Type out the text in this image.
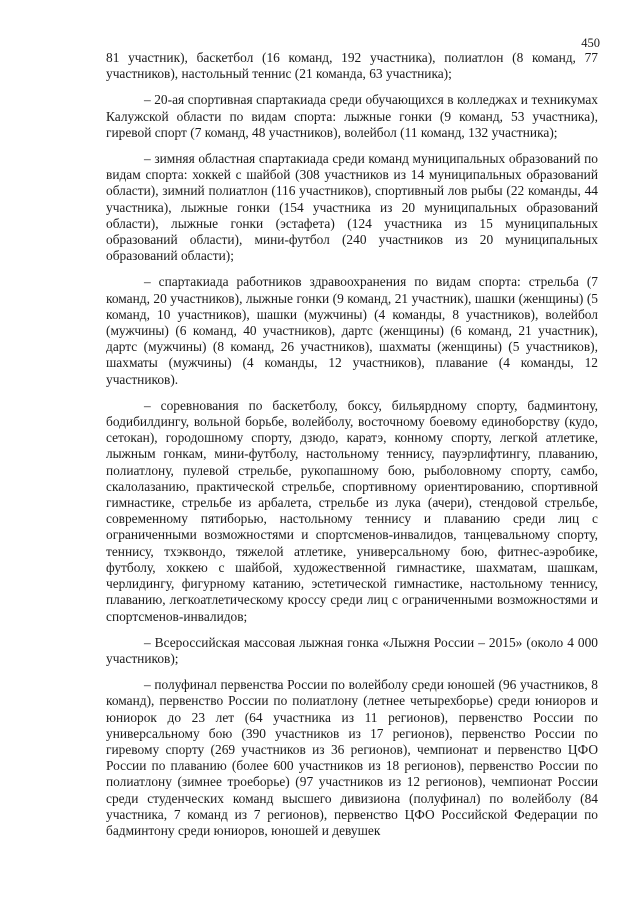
450

81 участник), баскетбол (16 команд, 192 участника), полиатлон (8 команд, 77 участников), настольный теннис (21 команда, 63 участника);

– 20-ая спортивная спартакиада среди обучающихся в колледжах и техникумах Калужской области по видам спорта: лыжные гонки (9 команд, 53 участника), гиревой спорт (7 команд, 48 участников), волейбол (11 команд, 132 участника);

– зимняя областная спартакиада среди команд муниципальных образований по видам спорта: хоккей с шайбой (308 участников из 14 муниципальных образований области), зимний полиатлон (116 участников), спортивный лов рыбы (22 команды, 44 участника), лыжные гонки (154 участника из 20 муниципальных образований области), лыжные гонки (эстафета) (124 участника из 15 муниципальных образований области), мини-футбол (240 участников из 20 муниципальных образований области);

– спартакиада работников здравоохранения по видам спорта: стрельба (7 команд, 20 участников), лыжные гонки (9 команд, 21 участник), шашки (женщины) (5 команд, 10 участников), шашки (мужчины) (4 команды, 8 участников), волейбол (мужчины) (6 команд, 40 участников), дартс (женщины) (6 команд, 21 участник), дартс (мужчины) (8 команд, 26 участников), шахматы (женщины) (5 участников), шахматы (мужчины) (4 команды, 12 участников), плавание (4 команды, 12 участников).

– соревнования по баскетболу, боксу, бильярдному спорту, бадминтону, бодибилдингу, вольной борьбе, волейболу, восточному боевому единоборству (кудо, сетокан), городошному спорту, дзюдо, каратэ, конному спорту, легкой атлетике, лыжным гонкам, мини-футболу, настольному теннису, пауэрлифтингу, плаванию, полиатлону, пулевой стрельбе, рукопашному бою, рыболовному спорту, самбо, скалолазанию, практической стрельбе, спортивному ориентированию, спортивной гимнастике, стрельбе из арбалета, стрельбе из лука (ачери), стендовой стрельбе, современному пятиборью, настольному теннису и плаванию среди лиц с ограниченными возможностями и спортсменов-инвалидов, танцевальному спорту, теннису, тхэквондо, тяжелой атлетике, универсальному бою, фитнес-аэробике, футболу, хоккею с шайбой, художественной гимнастике, шахматам, шашкам, черлидингу, фигурному катанию, эстетической гимнастике, настольному теннису, плаванию, легкоатлетическому кроссу среди лиц с ограниченными возможностями и спортсменов-инвалидов;

– Всероссийская массовая лыжная гонка «Лыжня России – 2015» (около 4 000 участников);

– полуфинал первенства России по волейболу среди юношей (96 участников, 8 команд), первенство России по полиатлону (летнее четырехборье) среди юниоров и юниорок до 23 лет (64 участника из 11 регионов), первенство России по универсальному бою (390 участников из 17 регионов), первенство России по гиревому спорту (269 участников из 36 регионов), чемпионат и первенство ЦФО России по плаванию (более 600 участников из 18 регионов), первенство России по полиатлону (зимнее троеборье) (97 участников из 12 регионов), чемпионат России среди студенческих команд высшего дивизиона (полуфинал) по волейболу (84 участника, 7 команд из 7 регионов), первенство ЦФО Российской Федерации по бадминтону среди юниоров, юношей и девушек
